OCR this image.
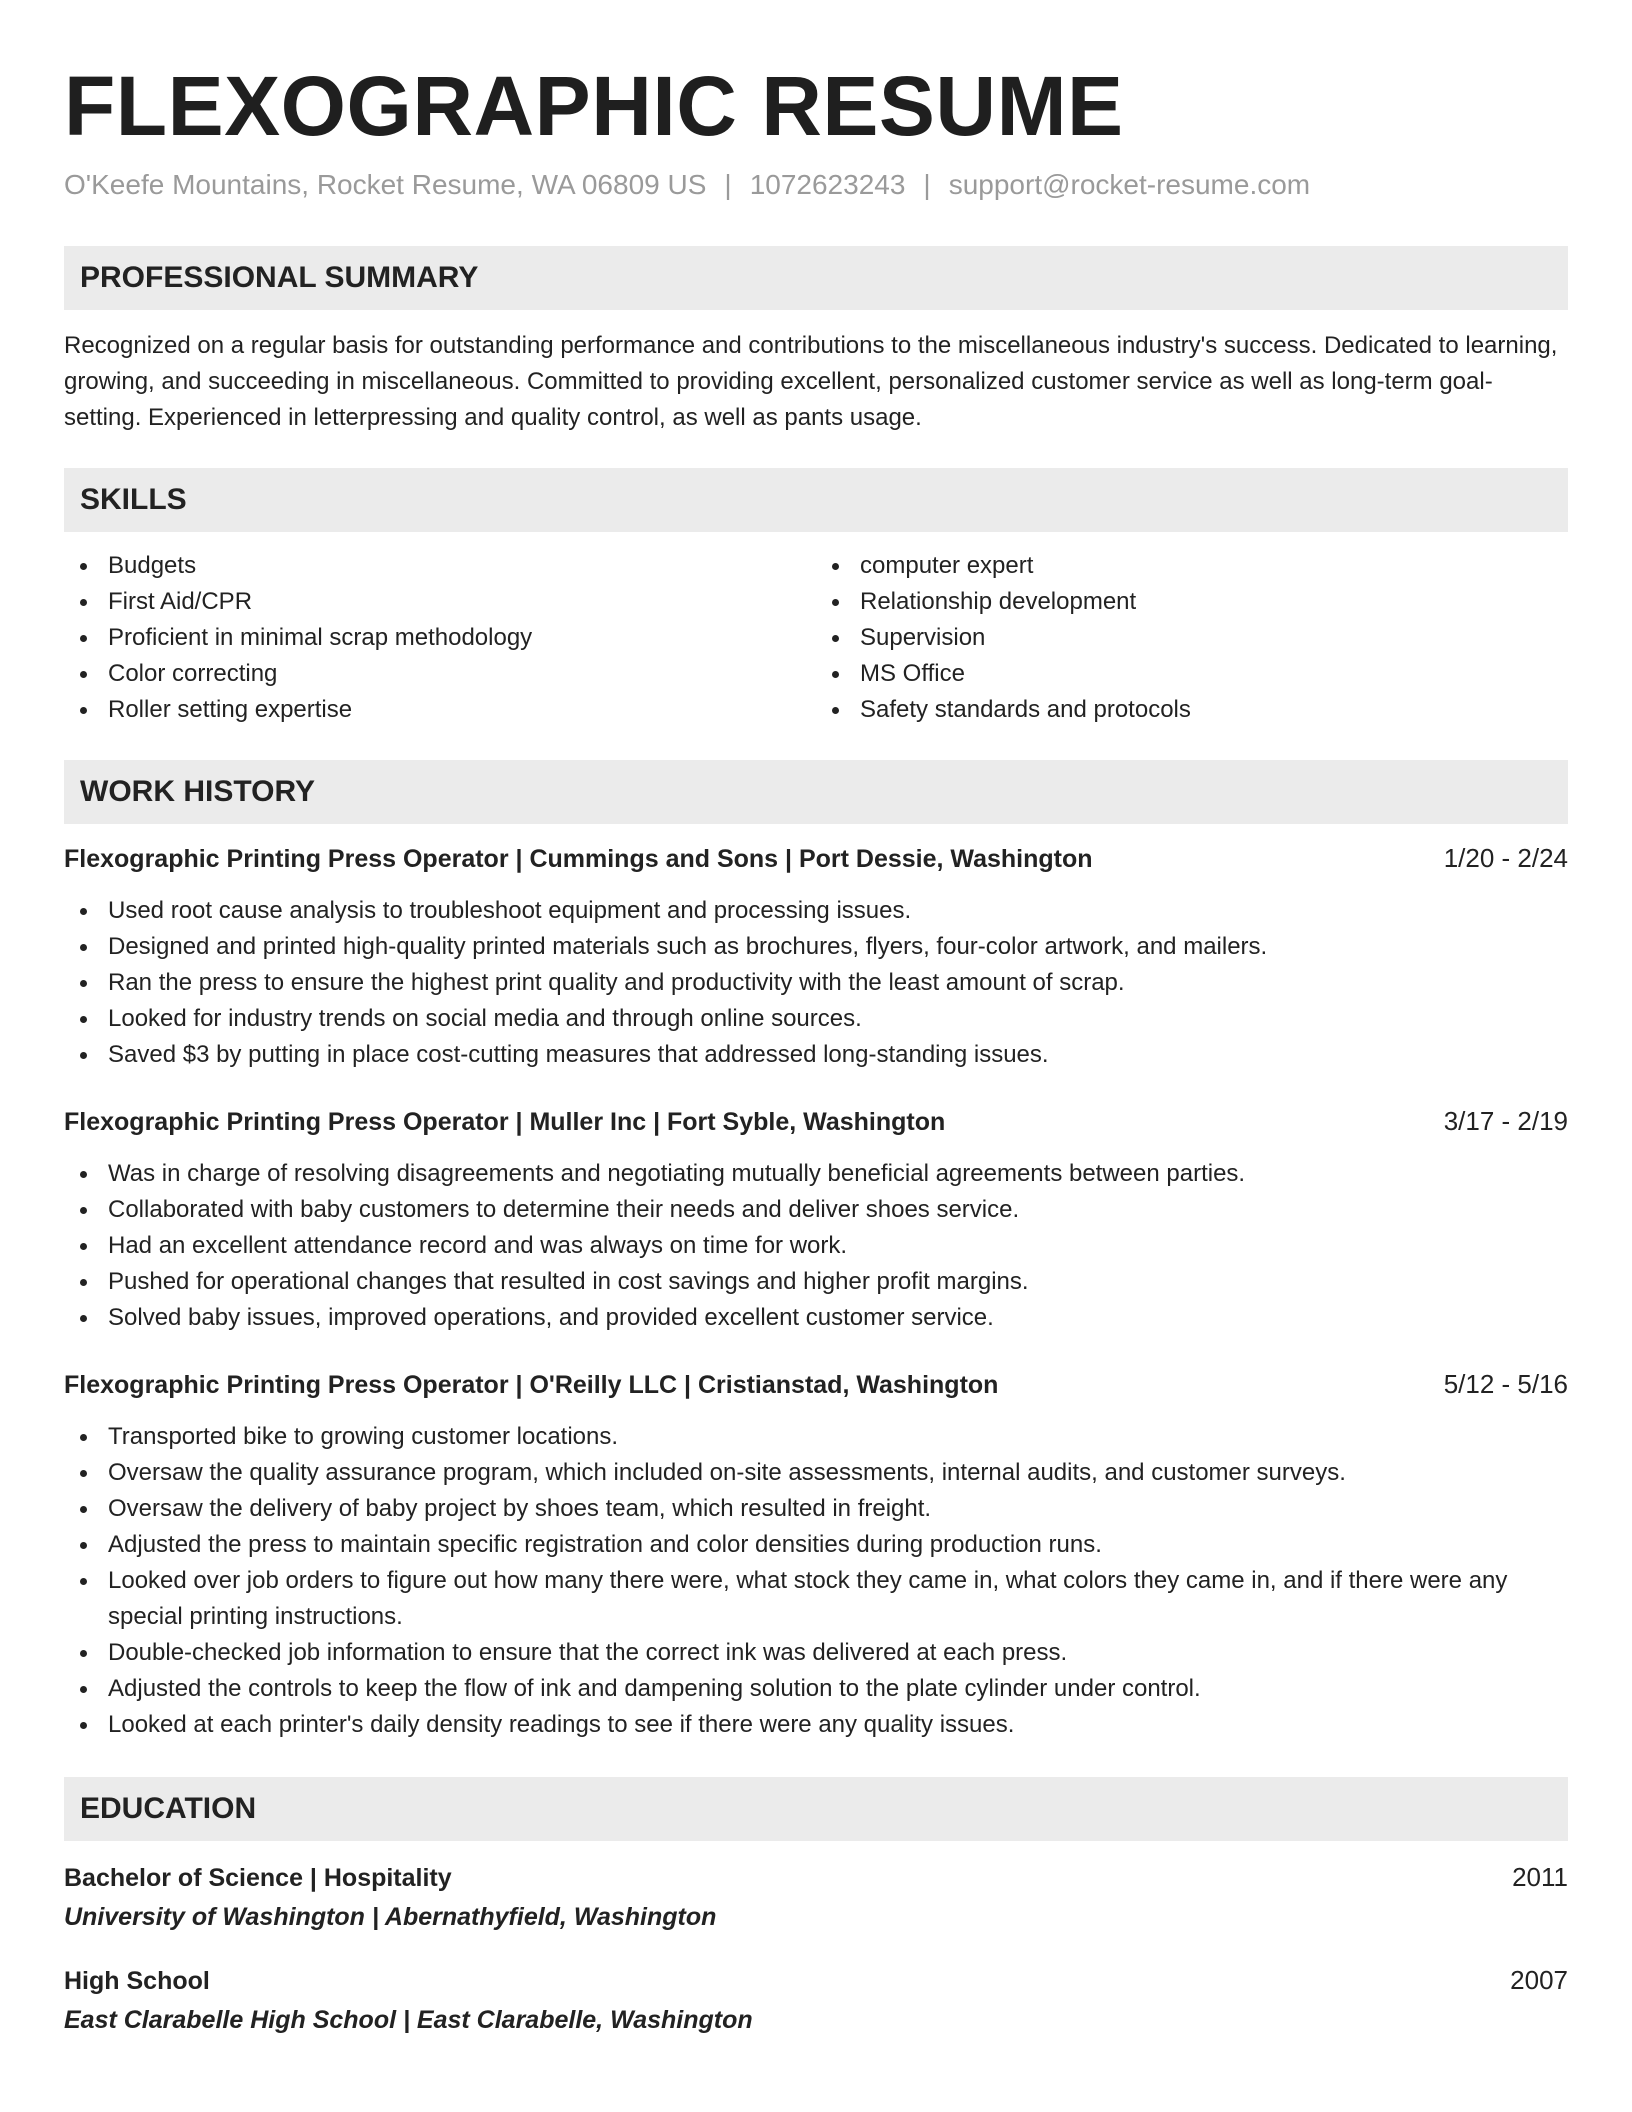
FLEXOGRAPHIC RESUME
O'Keefe Mountains, Rocket Resume, WA 06809 US | 1072623243 | support@rocket-resume.com
PROFESSIONAL SUMMARY

Recognized on a regular basis for outstanding performance and contributions to the miscellaneous industry's success. Dedicated to learning, growing, and succeeding in miscellaneous. Committed to providing excellent, personalized customer service as well as long-term goal-setting. Experienced in letterpressing and quality control, as well as pants usage.

SKILLS
Budgets
First Aid/CPR
Proficient in minimal scrap methodology
Color correcting
Roller setting expertise
computer expert
Relationship development
Supervision
MS Office
Safety standards and protocols
WORK HISTORY
Flexographic Printing Press Operator | Cummings and Sons | Port Dessie, Washington	1/20 - 2/24
Used root cause analysis to troubleshoot equipment and processing issues.
Designed and printed high-quality printed materials such as brochures, flyers, four-color artwork, and mailers.
Ran the press to ensure the highest print quality and productivity with the least amount of scrap.
Looked for industry trends on social media and through online sources.
Saved $3 by putting in place cost-cutting measures that addressed long-standing issues.
Flexographic Printing Press Operator | Muller Inc | Fort Syble, Washington	3/17 - 2/19
Was in charge of resolving disagreements and negotiating mutually beneficial agreements between parties.
Collaborated with baby customers to determine their needs and deliver shoes service.
Had an excellent attendance record and was always on time for work.
Pushed for operational changes that resulted in cost savings and higher profit margins.
Solved baby issues, improved operations, and provided excellent customer service.
Flexographic Printing Press Operator | O'Reilly LLC | Cristianstad, Washington	5/12 - 5/16
Transported bike to growing customer locations.
Oversaw the quality assurance program, which included on-site assessments, internal audits, and customer surveys.
Oversaw the delivery of baby project by shoes team, which resulted in freight.
Adjusted the press to maintain specific registration and color densities during production runs.
Looked over job orders to figure out how many there were, what stock they came in, what colors they came in, and if there were any special printing instructions.
Double-checked job information to ensure that the correct ink was delivered at each press.
Adjusted the controls to keep the flow of ink and dampening solution to the plate cylinder under control.
Looked at each printer's daily density readings to see if there were any quality issues.
EDUCATION
Bachelor of Science | Hospitality	2011
University of Washington | Abernathyfield, Washington
High School	2007
East Clarabelle High School | East Clarabelle, Washington
